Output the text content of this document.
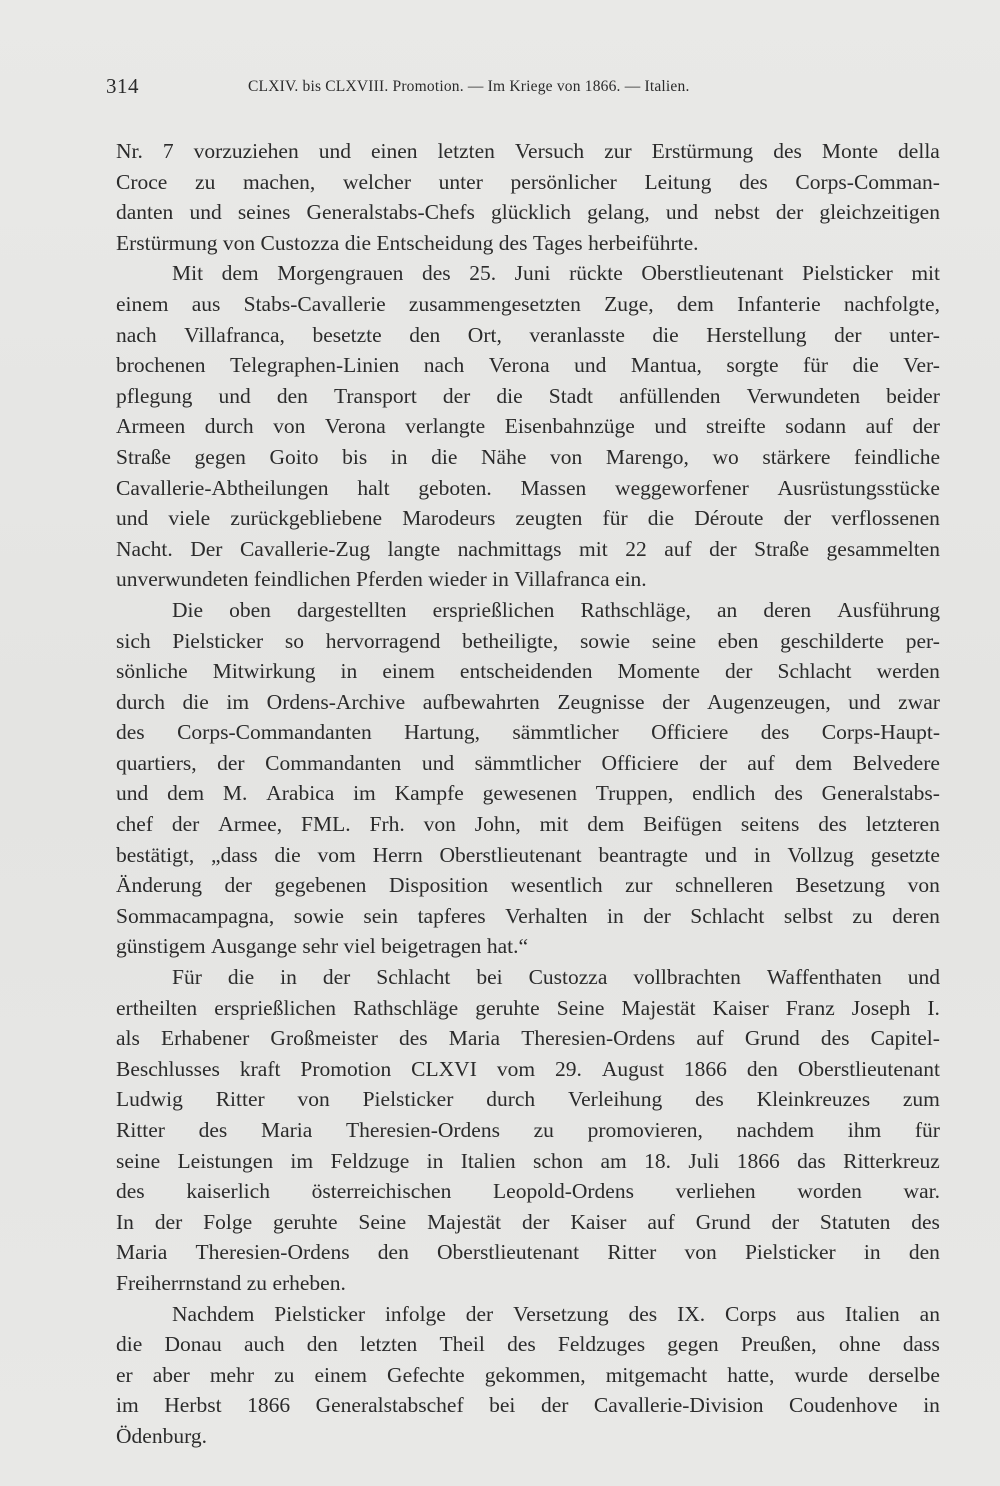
314	CLXIV. bis CLXVIII. Promotion. — Im Kriege von 1866. — Italien.
Nr. 7 vorzuziehen und einen letzten Versuch zur Erstürmung des Monte della
Croce zu machen, welcher unter persönlicher Leitung des Corps-Comman-
danten und seines Generalstabs-Chefs glücklich gelang, und nebst der gleichzeitigen
Erstürmung von Custozza die Entscheidung des Tages herbeiführte.
Mit dem Morgengrauen des 25. Juni rückte Oberstlieutenant Pielsticker mit
einem aus Stabs-Cavallerie zusammengesetzten Zuge, dem Infanterie nachfolgte,
nach Villafranca, besetzte den Ort, veranlasste die Herstellung der unter-
brochenen Telegraphen-Linien nach Verona und Mantua, sorgte für die Ver-
pflegung und den Transport der die Stadt anfüllenden Verwundeten beider
Armeen durch von Verona verlangte Eisenbahnzüge und streifte sodann auf der
Straße gegen Goito bis in die Nähe von Marengo, wo stärkere feindliche
Cavallerie-Abtheilungen halt geboten. Massen weggeworfener Ausrüstungsstücke
und viele zurückgebliebene Marodeurs zeugten für die Déroute der verflossenen
Nacht. Der Cavallerie-Zug langte nachmittags mit 22 auf der Straße gesammelten
unverwundeten feindlichen Pferden wieder in Villafranca ein.
Die oben dargestellten ersprießlichen Rathschläge, an deren Ausführung
sich Pielsticker so hervorragend betheiligte, sowie seine eben geschilderte per-
sönliche Mitwirkung in einem entscheidenden Momente der Schlacht werden
durch die im Ordens-Archive aufbewahrten Zeugnisse der Augenzeugen, und zwar
des Corps-Commandanten Hartung, sämmtlicher Officiere des Corps-Haupt-
quartiers, der Commandanten und sämmtlicher Officiere der auf dem Belvedere
und dem M. Arabica im Kampfe gewesenen Truppen, endlich des Generalstabs-
chef der Armee, FML. Frh. von John, mit dem Beifügen seitens des letzteren
bestätigt, „dass die vom Herrn Oberstlieutenant beantragte und in Vollzug gesetzte
Änderung der gegebenen Disposition wesentlich zur schnelleren Besetzung von
Sommacampagna, sowie sein tapferes Verhalten in der Schlacht selbst zu deren
günstigem Ausgange sehr viel beigetragen hat.“
Für die in der Schlacht bei Custozza vollbrachten Waffenthaten und
ertheilten ersprießlichen Rathschläge geruhte Seine Majestät Kaiser Franz Joseph I.
als Erhabener Großmeister des Maria Theresien-Ordens auf Grund des Capitel-
Beschlusses kraft Promotion CLXVI vom 29. August 1866 den Oberstlieutenant
Ludwig Ritter von Pielsticker durch Verleihung des Kleinkreuzes zum
Ritter des Maria Theresien-Ordens zu promovieren, nachdem ihm für
seine Leistungen im Feldzuge in Italien schon am 18. Juli 1866 das Ritterkreuz
des kaiserlich österreichischen Leopold-Ordens verliehen worden war.
In der Folge geruhte Seine Majestät der Kaiser auf Grund der Statuten des
Maria Theresien-Ordens den Oberstlieutenant Ritter von Pielsticker in den
Freiherrnstand zu erheben.
Nachdem Pielsticker infolge der Versetzung des IX. Corps aus Italien an
die Donau auch den letzten Theil des Feldzuges gegen Preußen, ohne dass
er aber mehr zu einem Gefechte gekommen, mitgemacht hatte, wurde derselbe
im Herbst 1866 Generalstabschef bei der Cavallerie-Division Coudenhove in
Ödenburg.
